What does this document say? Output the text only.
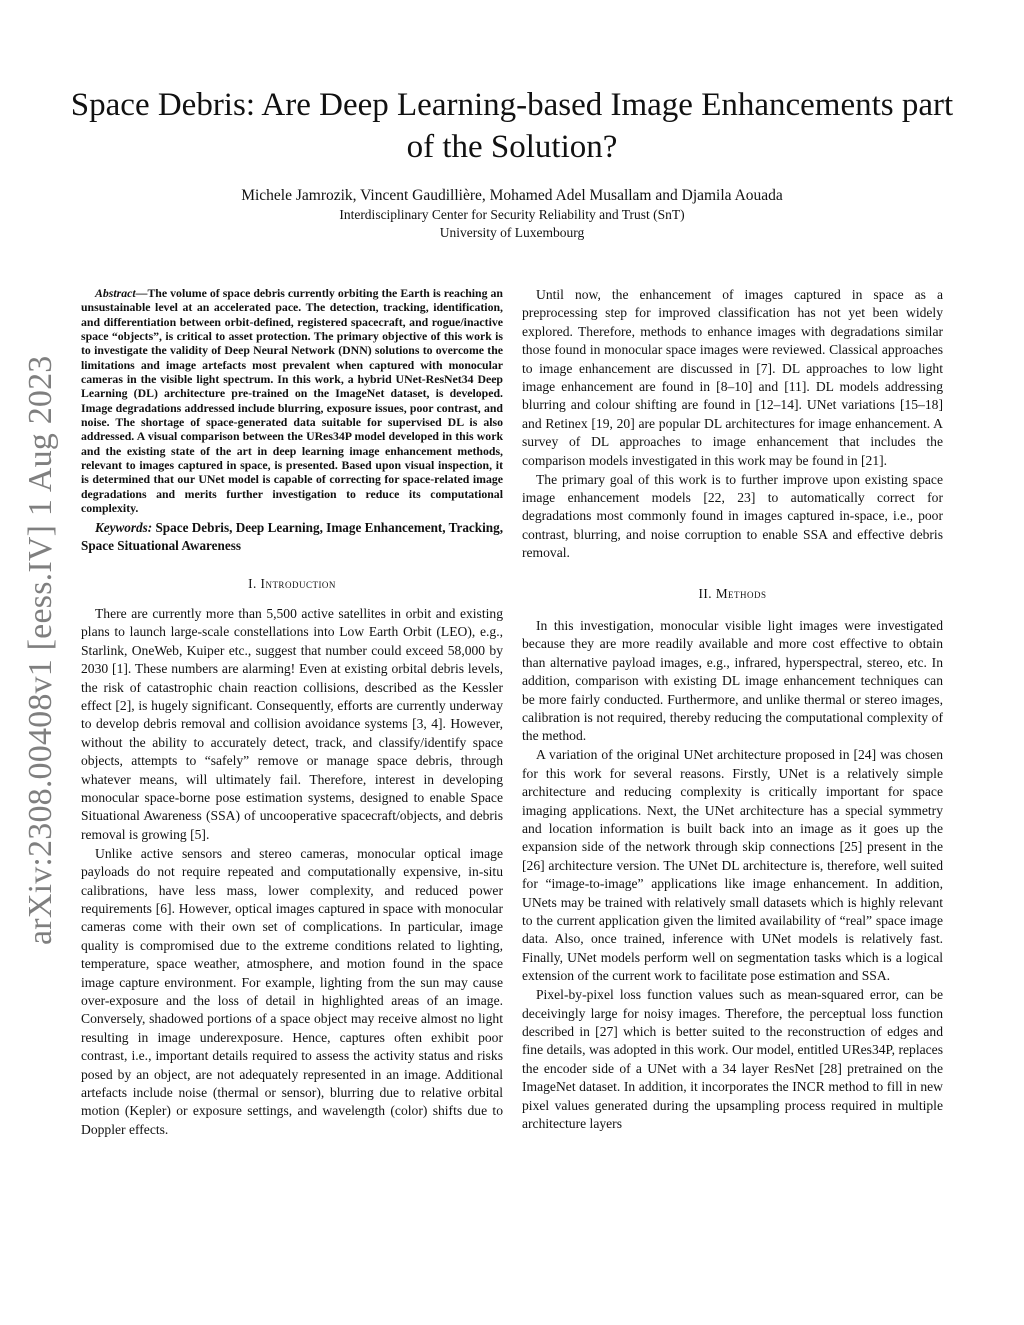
arXiv:2308.00408v1 [eess.IV] 1 Aug 2023
Space Debris: Are Deep Learning-based Image Enhancements part of the Solution?
Michele Jamrozik, Vincent Gaudillière, Mohamed Adel Musallam and Djamila Aouada
Interdisciplinary Center for Security Reliability and Trust (SnT)
University of Luxembourg

Abstract—The volume of space debris currently orbiting the Earth is reaching an unsustainable level at an accelerated pace. The detection, tracking, identification, and differentiation between orbit-defined, registered spacecraft, and rogue/inactive space “objects”, is critical to asset protection. The primary objective of this work is to investigate the validity of Deep Neural Network (DNN) solutions to overcome the limitations and image artefacts most prevalent when captured with monocular cameras in the visible light spectrum. In this work, a hybrid UNet-ResNet34 Deep Learning (DL) architecture pre-trained on the ImageNet dataset, is developed. Image degradations addressed include blurring, exposure issues, poor contrast, and noise. The shortage of space-generated data suitable for supervised DL is also addressed. A visual comparison between the URes34P model developed in this work and the existing state of the art in deep learning image enhancement methods, relevant to images captured in space, is presented. Based upon visual inspection, it is determined that our UNet model is capable of correcting for space-related image degradations and merits further investigation to reduce its computational complexity.

Keywords: Space Debris, Deep Learning, Image Enhancement, Tracking, Space Situational Awareness

I. Introduction

There are currently more than 5,500 active satellites in orbit and existing plans to launch large-scale constellations into Low Earth Orbit (LEO), e.g., Starlink, OneWeb, Kuiper etc., suggest that number could exceed 58,000 by 2030 [1]. These numbers are alarming! Even at existing orbital debris levels, the risk of catastrophic chain reaction collisions, described as the Kessler effect [2], is hugely significant. Consequently, efforts are currently underway to develop debris removal and collision avoidance systems [3, 4]. However, without the ability to accurately detect, track, and classify/identify space objects, attempts to “safely” remove or manage space debris, through whatever means, will ultimately fail. Therefore, interest in developing monocular space-borne pose estimation systems, designed to enable Space Situational Awareness (SSA) of uncooperative spacecraft/objects, and debris removal is growing [5].

Unlike active sensors and stereo cameras, monocular optical image payloads do not require repeated and computationally expensive, in-situ calibrations, have less mass, lower complexity, and reduced power requirements [6]. However, optical images captured in space with monocular cameras come with their own set of complications. In particular, image quality is compromised due to the extreme conditions related to lighting, temperature, space weather, atmosphere, and motion found in the space image capture environment. For example, lighting from the sun may cause over-exposure and the loss of detail in highlighted areas of an image. Conversely, shadowed portions of a space object may receive almost no light resulting in image underexposure. Hence, captures often exhibit poor contrast, i.e., important details required to assess the activity status and risks posed by an object, are not adequately represented in an image. Additional artefacts include noise (thermal or sensor), blurring due to relative orbital motion (Kepler) or exposure settings, and wavelength (color) shifts due to Doppler effects.

Until now, the enhancement of images captured in space as a preprocessing step for improved classification has not yet been widely explored. Therefore, methods to enhance images with degradations similar those found in monocular space images were reviewed. Classical approaches to image enhancement are discussed in [7]. DL approaches to low light image enhancement are found in [8–10] and [11]. DL models addressing blurring and colour shifting are found in [12–14]. UNet variations [15–18] and Retinex [19, 20] are popular DL architectures for image enhancement. A survey of DL approaches to image enhancement that includes the comparison models investigated in this work may be found in [21].

The primary goal of this work is to further improve upon existing space image enhancement models [22, 23] to automatically correct for degradations most commonly found in images captured in-space, i.e., poor contrast, blurring, and noise corruption to enable SSA and effective debris removal.

II. Methods

In this investigation, monocular visible light images were investigated because they are more readily available and more cost effective to obtain than alternative payload images, e.g., infrared, hyperspectral, stereo, etc. In addition, comparison with existing DL image enhancement techniques can be more fairly conducted. Furthermore, and unlike thermal or stereo images, calibration is not required, thereby reducing the computational complexity of the method.

A variation of the original UNet architecture proposed in [24] was chosen for this work for several reasons. Firstly, UNet is a relatively simple architecture and reducing complexity is critically important for space imaging applications. Next, the UNet architecture has a special symmetry and location information is built back into an image as it goes up the expansion side of the network through skip connections [25] present in the [26] architecture version. The UNet DL architecture is, therefore, well suited for “image-to-image” applications like image enhancement. In addition, UNets may be trained with relatively small datasets which is highly relevant to the current application given the limited availability of “real” space image data. Also, once trained, inference with UNet models is relatively fast. Finally, UNet models perform well on segmentation tasks which is a logical extension of the current work to facilitate pose estimation and SSA.

Pixel-by-pixel loss function values such as mean-squared error, can be deceivingly large for noisy images. Therefore, the perceptual loss function described in [27] which is better suited to the reconstruction of edges and fine details, was adopted in this work. Our model, entitled URes34P, replaces the encoder side of a UNet with a 34 layer ResNet [28] pretrained on the ImageNet dataset. In addition, it incorporates the INCR method to fill in new pixel values generated during the upsampling process required in multiple architecture layers
